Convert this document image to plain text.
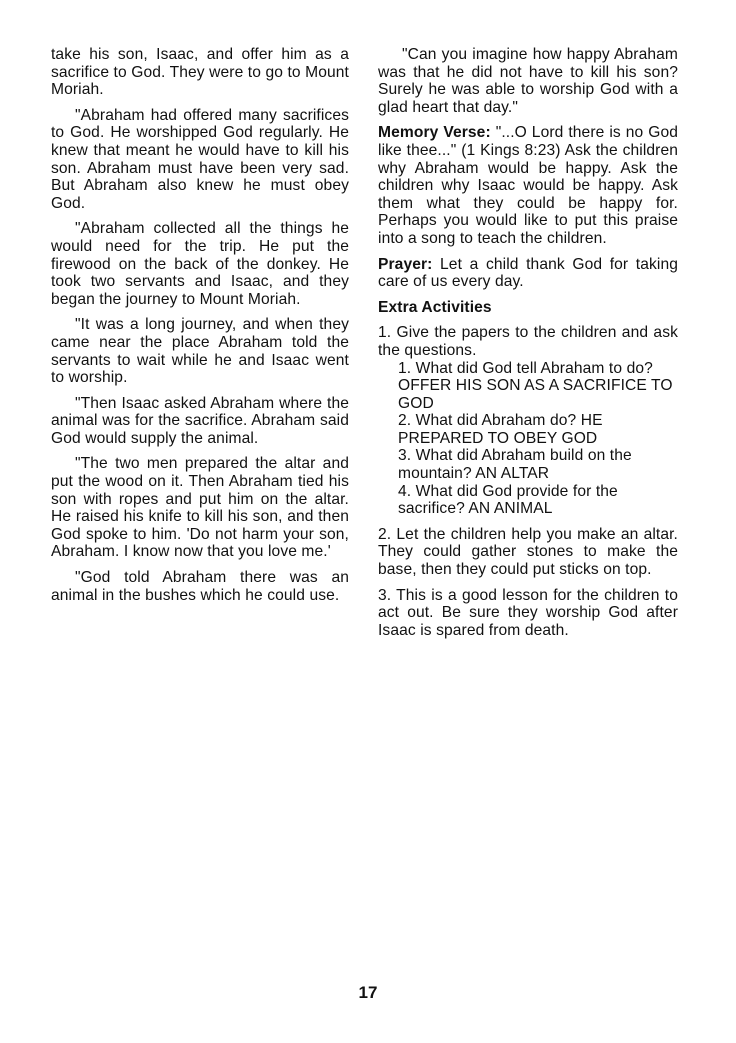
take his son, Isaac, and offer him as a sacrifice to God. They were to go to Mount Moriah.

"Abraham had offered many sacrifices to God. He worshipped God regularly. He knew that meant he would have to kill his son. Abraham must have been very sad. But Abraham also knew he must obey God.

"Abraham collected all the things he would need for the trip. He put the firewood on the back of the donkey. He took two servants and Isaac, and they began the journey to Mount Moriah.

"It was a long journey, and when they came near the place Abraham told the servants to wait while he and Isaac went to worship.

"Then Isaac asked Abraham where the animal was for the sacrifice. Abraham said God would supply the animal.

"The two men prepared the altar and put the wood on it. Then Abraham tied his son with ropes and put him on the altar. He raised his knife to kill his son, and then God spoke to him. 'Do not harm your son, Abraham. I know now that you love me.'

"God told Abraham there was an animal in the bushes which he could use.

"Can you imagine how happy Abraham was that he did not have to kill his son? Surely he was able to worship God with a glad heart that day."

Memory Verse: "...O Lord there is no God like thee..." (1 Kings 8:23) Ask the children why Abraham would be happy. Ask the children why Isaac would be happy. Ask them what they could be happy for. Perhaps you would like to put this praise into a song to teach the children.

Prayer: Let a child thank God for taking care of us every day.

Extra Activities

1. Give the papers to the children and ask the questions.

1. What did God tell Abraham to do? OFFER HIS SON AS A SACRIFICE TO GOD
2. What did Abraham do? HE PREPARED TO OBEY GOD
3. What did Abraham build on the mountain? AN ALTAR
4. What did God provide for the sacrifice? AN ANIMAL

2. Let the children help you make an altar. They could gather stones to make the base, then they could put sticks on top.

3. This is a good lesson for the children to act out. Be sure they worship God after Isaac is spared from death.

17
